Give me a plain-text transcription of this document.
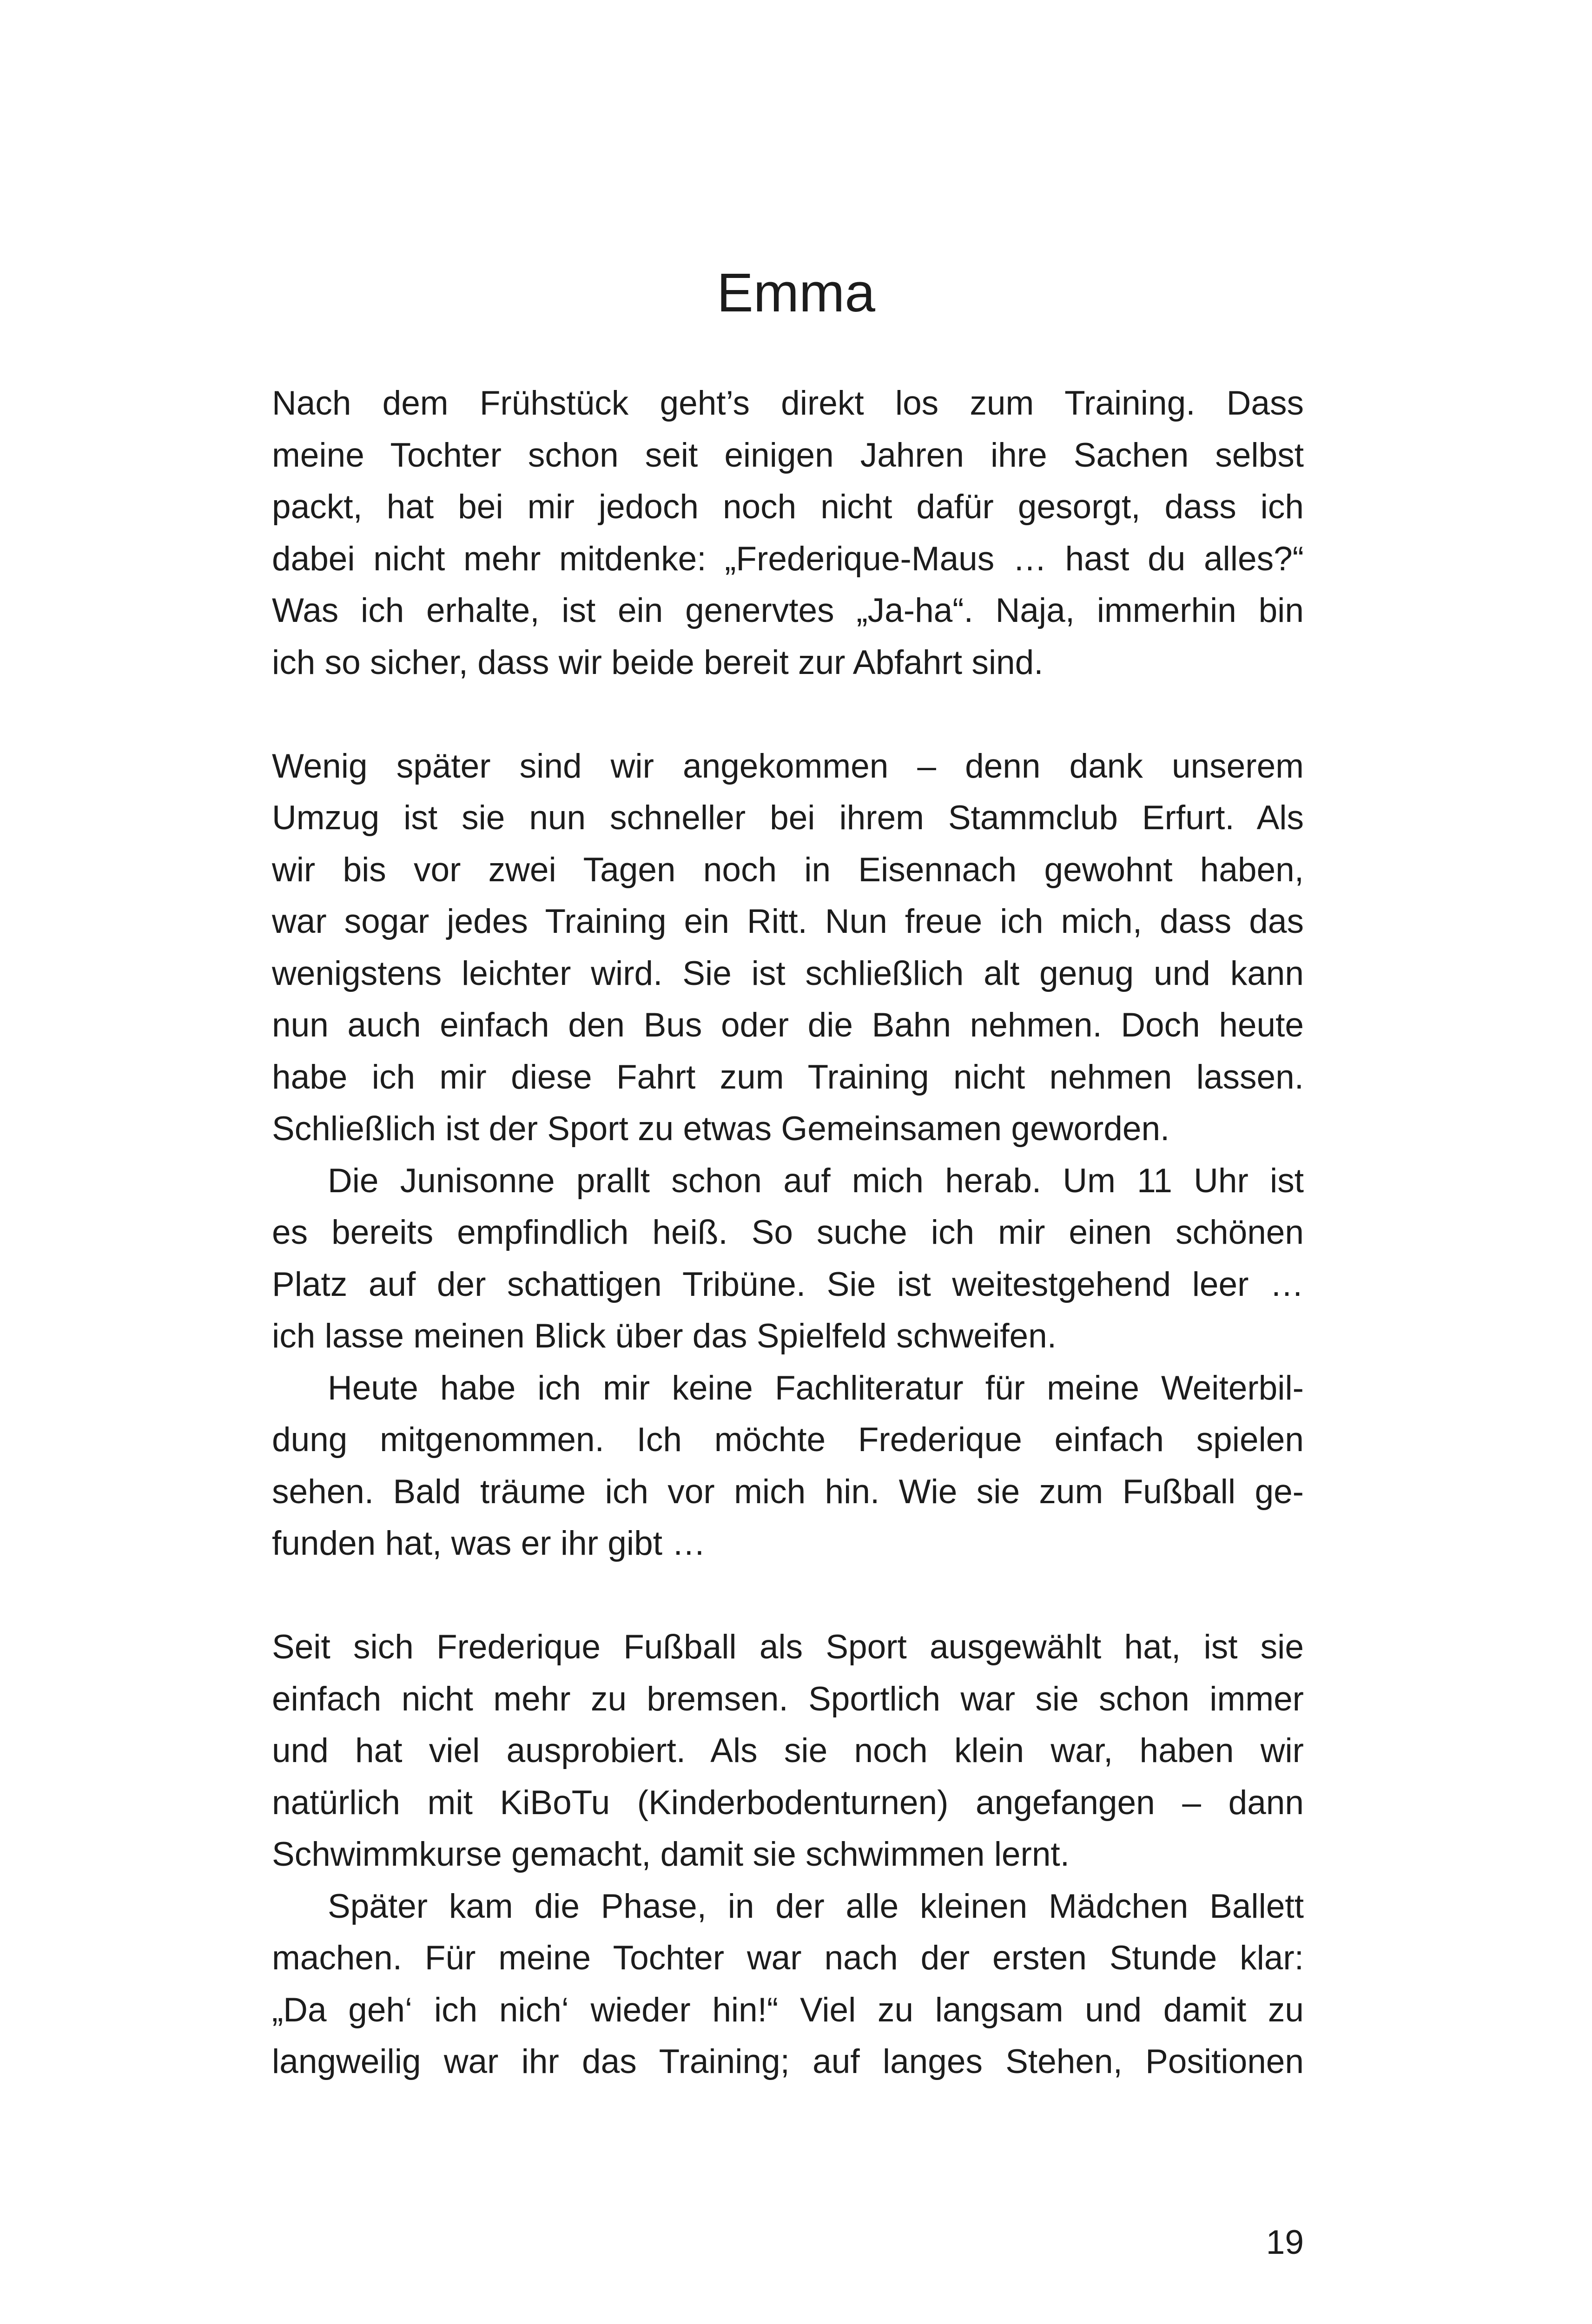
Emma
Nach dem Frühstück geht’s direkt los zum Training. Dass
meine Tochter schon seit einigen Jahren ihre Sachen selbst
packt, hat bei mir jedoch noch nicht dafür gesorgt, dass ich
dabei nicht mehr mitdenke: „Frederique-Maus … hast du alles?“
Was ich erhalte, ist ein genervtes „Ja-ha“. Naja, immerhin bin
ich so sicher, dass wir beide bereit zur Abfahrt sind.
Wenig später sind wir angekommen – denn dank unserem
Umzug ist sie nun schneller bei ihrem Stammclub Erfurt. Als
wir bis vor zwei Tagen noch in Eisennach gewohnt haben,
war sogar jedes Training ein Ritt. Nun freue ich mich, dass das
wenigstens leichter wird. Sie ist schließlich alt genug und kann
nun auch einfach den Bus oder die Bahn nehmen. Doch heute
habe ich mir diese Fahrt zum Training nicht nehmen lassen.
Schließlich ist der Sport zu etwas Gemeinsamen geworden.
Die Junisonne prallt schon auf mich herab. Um 11 Uhr ist
es bereits empfindlich heiß. So suche ich mir einen schönen
Platz auf der schattigen Tribüne. Sie ist weitestgehend leer …
ich lasse meinen Blick über das Spielfeld schweifen.
Heute habe ich mir keine Fachliteratur für meine Weiterbil-
dung mitgenommen. Ich möchte Frederique einfach spielen
sehen. Bald träume ich vor mich hin. Wie sie zum Fußball ge-
funden hat, was er ihr gibt …
Seit sich Frederique Fußball als Sport ausgewählt hat, ist sie
einfach nicht mehr zu bremsen. Sportlich war sie schon immer
und hat viel ausprobiert. Als sie noch klein war, haben wir
natürlich mit KiBoTu (Kinderbodenturnen) angefangen – dann
Schwimmkurse gemacht, damit sie schwimmen lernt.
Später kam die Phase, in der alle kleinen Mädchen Ballett
machen. Für meine Tochter war nach der ersten Stunde klar:
„Da geh‘ ich nich‘ wieder hin!“ Viel zu langsam und damit zu
langweilig war ihr das Training; auf langes Stehen, Positionen
19
